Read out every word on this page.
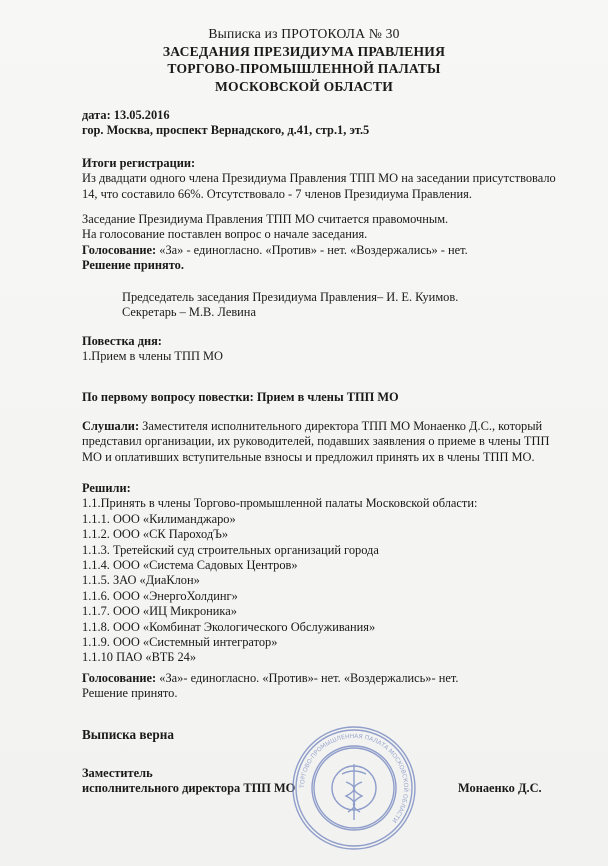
Выписка из ПРОТОКОЛА № 30
ЗАСЕДАНИЯ ПРЕЗИДИУМА ПРАВЛЕНИЯ
ТОРГОВО-ПРОМЫШЛЕННОЙ ПАЛАТЫ
МОСКОВСКОЙ ОБЛАСТИ
дата: 13.05.2016
гор. Москва, проспект Вернадского, д.41, стр.1, эт.5
Итоги регистрации:
Из двадцати одного члена Президиума Правления ТПП МО на заседании присутствовало
14, что составило 66%. Отсутствовало - 7 членов Президиума Правления.
Заседание Президиума Правления ТПП МО считается правомочным.
На голосование поставлен вопрос о начале заседания.
Голосование: «За» - единогласно. «Против» - нет. «Воздержались» - нет.
Решение принято.
Председатель заседания Президиума Правления– И. Е. Куимов.
Секретарь – М.В. Левина
Повестка дня:
1.Прием в члены ТПП МО
По первому вопросу повестки: Прием в члены ТПП МО
Слушали: Заместителя исполнительного директора ТПП МО Монаенко Д.С., который
представил организации, их руководителей, подавших заявления о приеме в члены ТПП
МО и оплативших вступительные взносы и предложил принять их в члены ТПП МО.
Решили:
1.1.Принять в члены Торгово-промышленной палаты Московской области:
1.1.1. ООО «Килиманджаро»
1.1.2. ООО «СК ПароходЪ»
1.1.3. Третейский суд строительных организаций города
1.1.4. ООО «Система Садовых Центров»
1.1.5. ЗАО «ДиаКлон»
1.1.6. ООО «ЭнергоХолдинг»
1.1.7. ООО «ИЦ Микроника»
1.1.8. ООО «Комбинат Экологического Обслуживания»
1.1.9. ООО «Системный интегратор»
1.1.10 ПАО «ВТБ 24»
Голосование: «За»- единогласно. «Против»- нет. «Воздержались»- нет.
Решение принято.
Выписка верна
Заместитель
исполнительного директора ТПП МО	Монаенко Д.С.
ТОРГОВО-ПРОМЫШЛЕННАЯ ПАЛАТА МОСКОВСКОЙ ОБЛАСТИ
